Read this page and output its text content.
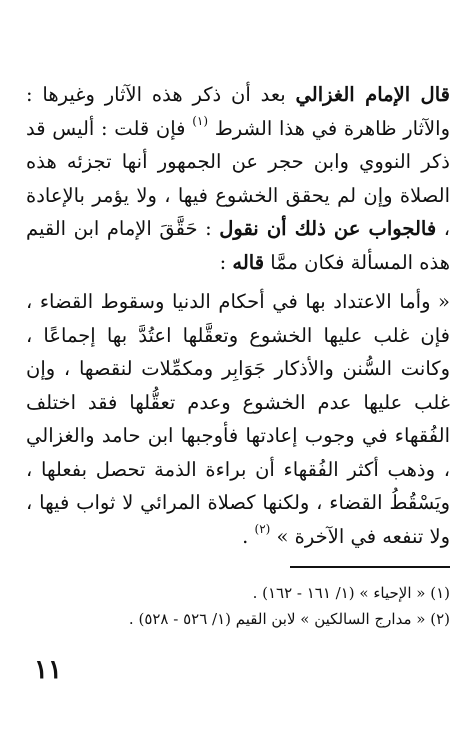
قال الإمام الغزالي بعد أن ذكر هذه الآثار وغيرها : والآثار ظاهرة في هذا الشرط $^{(١)}$ فإن قلت : أليس قد ذكر النووي وابن حجر عن الجمهور أنها تجزئه هذه الصلاة وإن لم يحقق الخشوع فيها ، ولا يؤمر بالإعادة ، فالجواب عن ذلك أن نقول : حَقَّقَ الإمام ابن القيم هذه المسألة فكان ممَّا قاله :

« وأما الاعتداد بها في أحكام الدنيا وسقوط القضاء ، فإن غلب عليها الخشوع وتعقَّلها اعتُدَّ بها إجماعًا ، وكانت السُّنن والأذكار جَوَابِر ومكمِّلات لنقصها ، وإن غلب عليها عدم الخشوع وعدم تعقُّلها فقد اختلف الفُقهاء في وجوب إعادتها فأوجبها ابن حامد والغزالي ، وذهب أكثر الفُقهاء أن براءة الذمة تحصل بفعلها ، ويَسْقُطُ القضاء ، ولكنها كصلاة المرائي لا ثواب فيها ، ولا تنفعه في الآخرة » $^{(٢)}$ .

(١) « الإحياء » (١/ ١٦١ - ١٦٢) .
(٢) « مدارج السالكين » لابن القيم (١/ ٥٢٦ - ٥٢٨) .
١١
